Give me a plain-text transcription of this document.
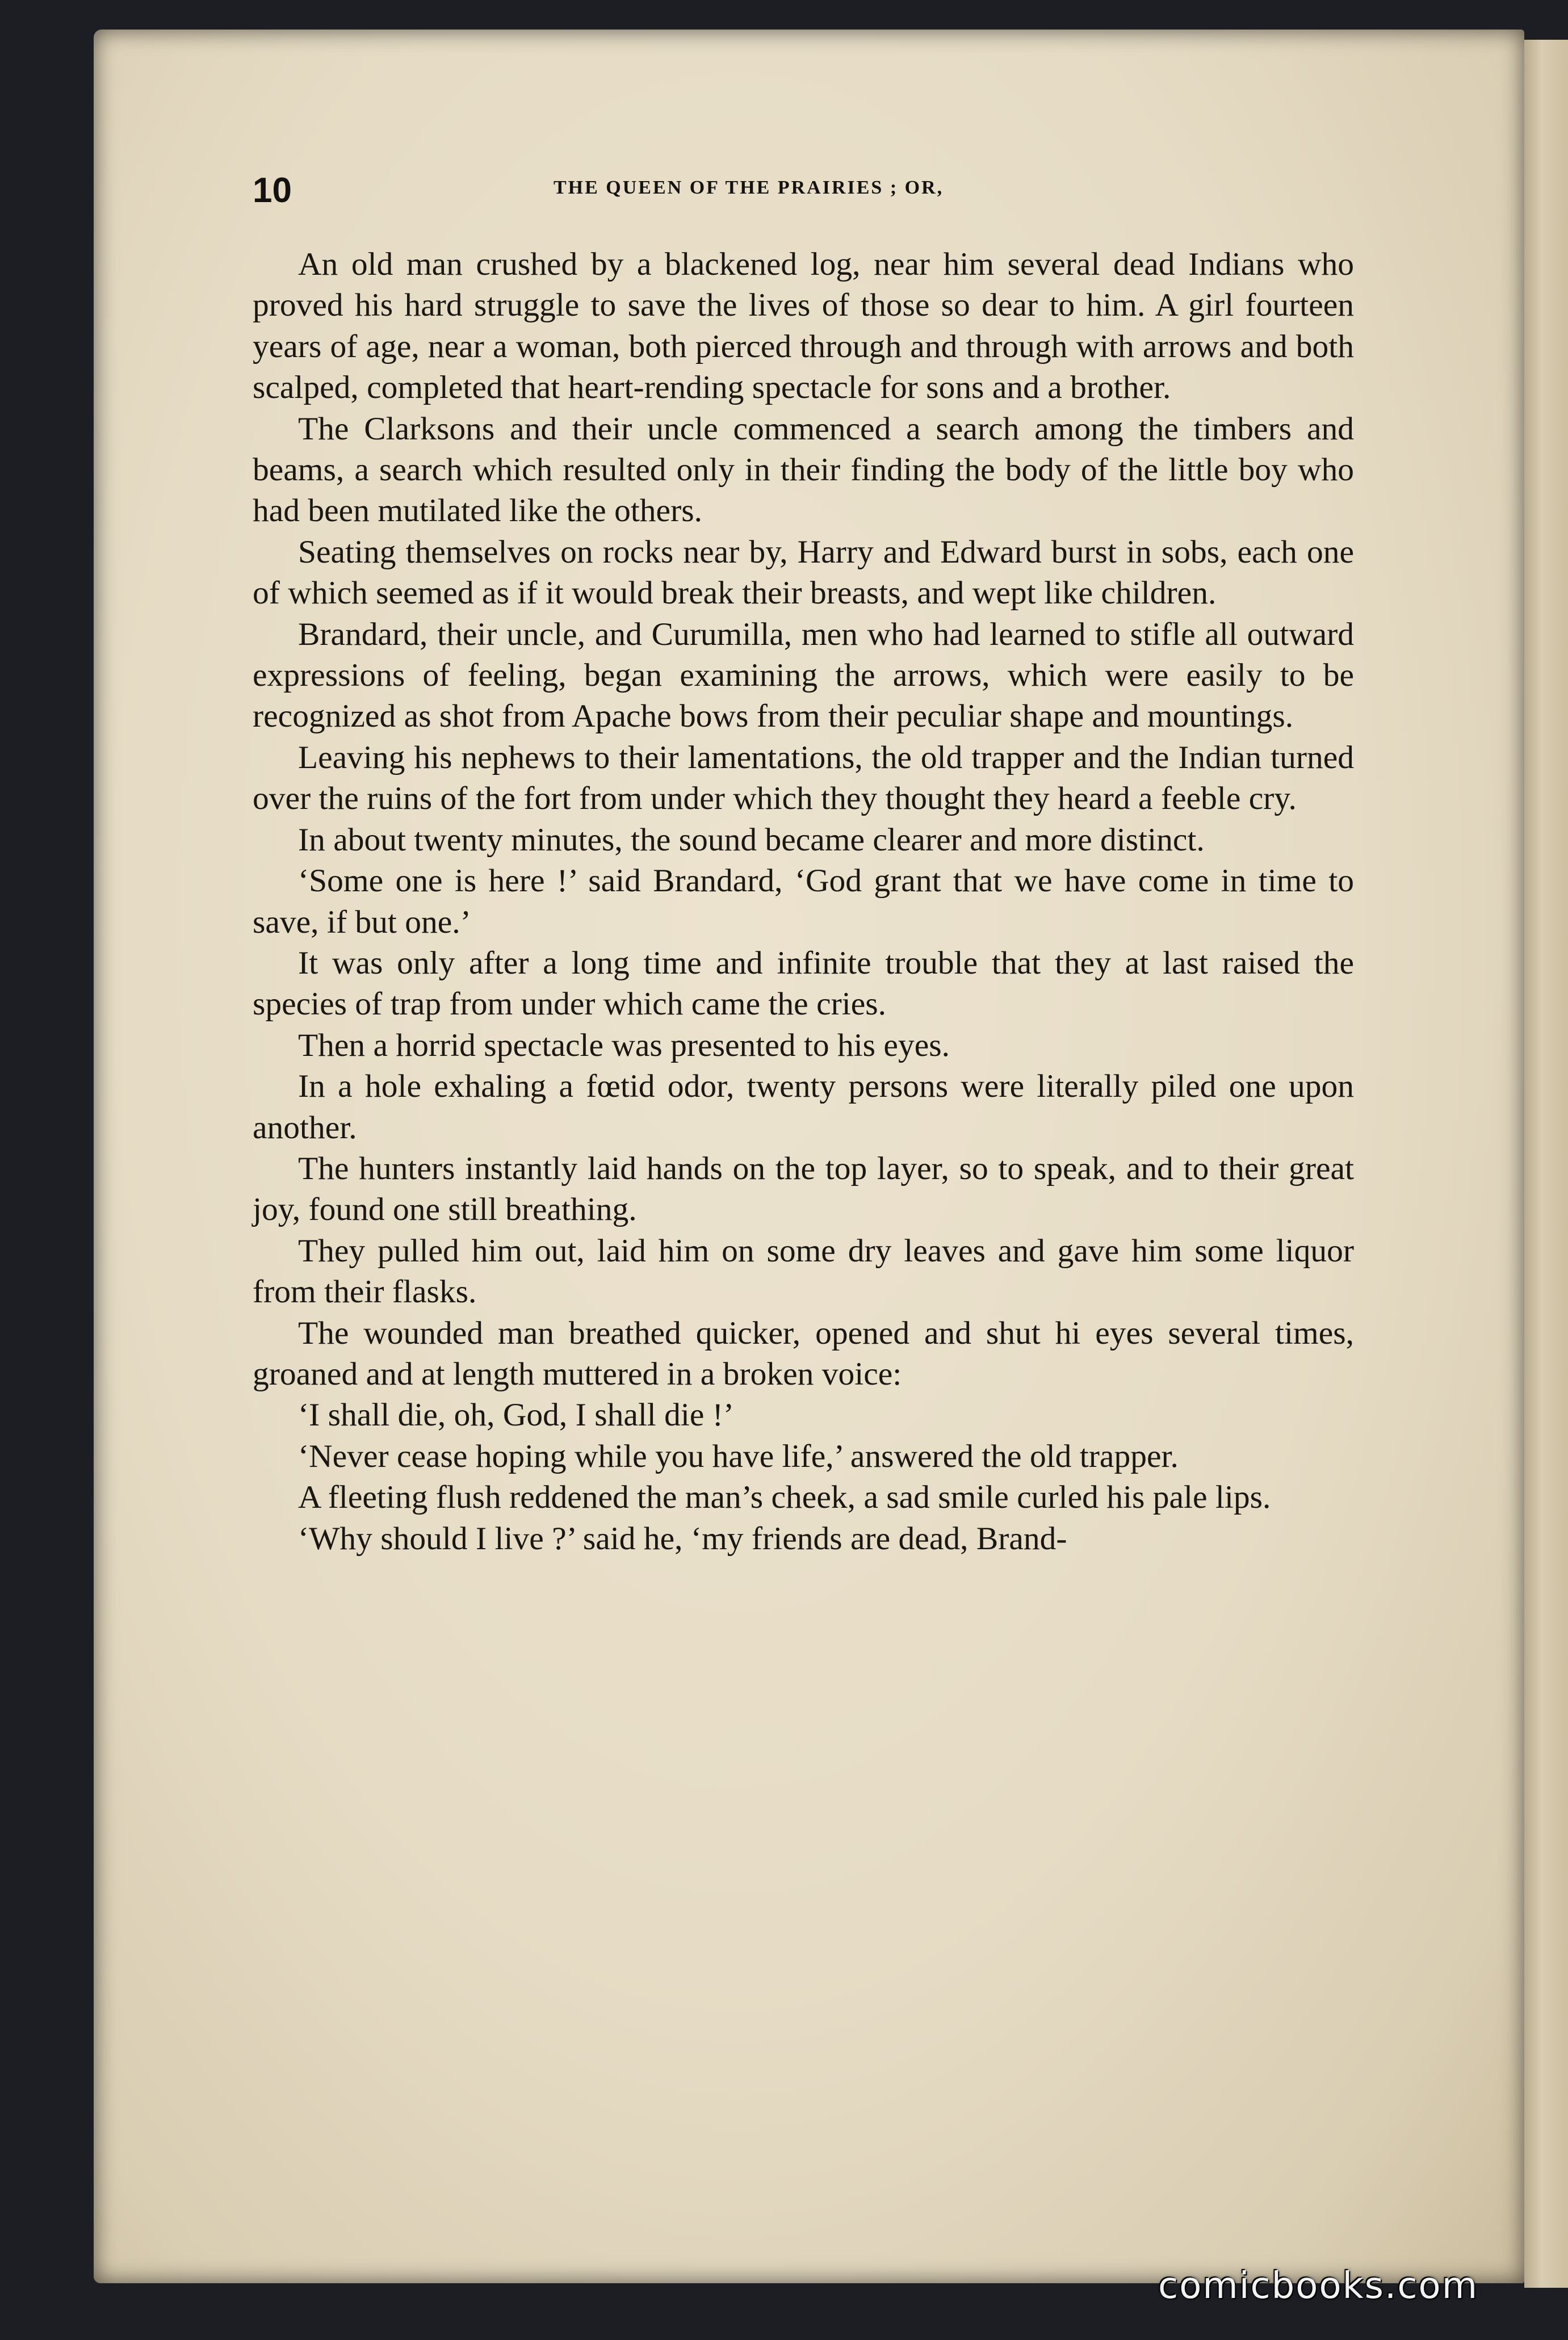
10	THE QUEEN OF THE PRAIRIES ; OR,

An old man crushed by a blackened log, near him several dead Indians who proved his hard struggle to save the lives of those so dear to him. A girl fourteen years of age, near a woman, both pierced through and through with arrows and both scalped, completed that heart-rending spectacle for sons and a brother.

The Clarksons and their uncle commenced a search among the timbers and beams, a search which resulted only in their finding the body of the little boy who had been mutilated like the others.

Seating themselves on rocks near by, Harry and Edward burst in sobs, each one of which seemed as if it would break their breasts, and wept like children.

Brandard, their uncle, and Curumilla, men who had learned to stifle all outward expressions of feeling, began examining the arrows, which were easily to be recognized as shot from Apache bows from their peculiar shape and mountings.

Leaving his nephews to their lamentations, the old trapper and the Indian turned over the ruins of the fort from under which they thought they heard a feeble cry.

In about twenty minutes, the sound became clearer and more distinct.

‘Some one is here !’ said Brandard, ‘God grant that we have come in time to save, if but one.’

It was only after a long time and infinite trouble that they at last raised the species of trap from under which came the cries.

Then a horrid spectacle was presented to his eyes.

In a hole exhaling a fœtid odor, twenty persons were literally piled one upon another.

The hunters instantly laid hands on the top layer, so to speak, and to their great joy, found one still breathing.

They pulled him out, laid him on some dry leaves and gave him some liquor from their flasks.

The wounded man breathed quicker, opened and shut hi eyes several times, groaned and at length muttered in a broken voice:

‘I shall die, oh, God, I shall die !’

‘Never cease hoping while you have life,’ answered the old trapper.

A fleeting flush reddened the man’s cheek, a sad smile curled his pale lips.

‘Why should I live ?’ said he, ‘my friends are dead, Brand-

comicbooks.com
